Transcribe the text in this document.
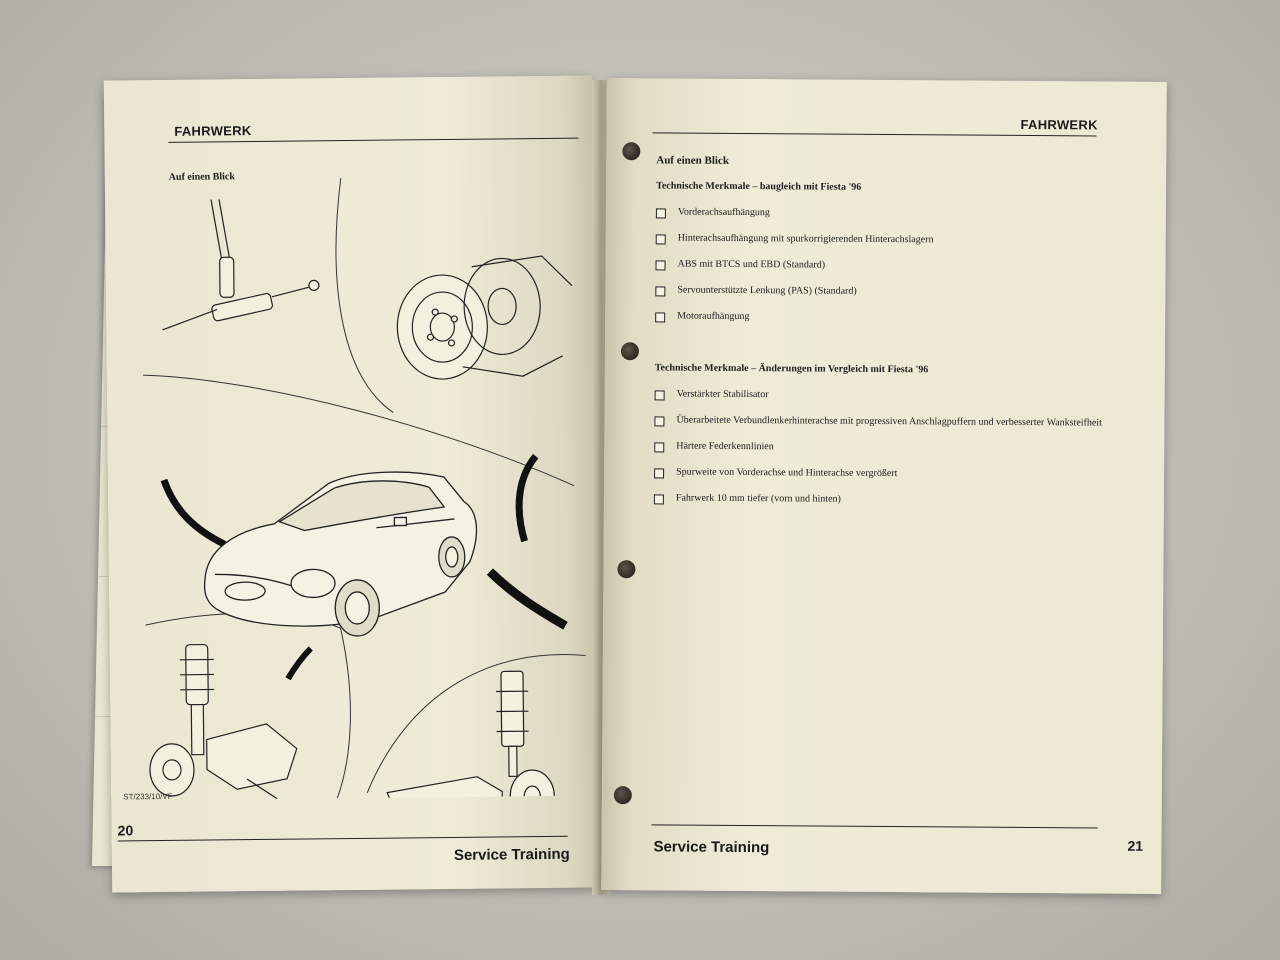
FAHRWERK
Auf einen Blick
ST/233/10/VF
20
Service Training
FAHRWERK
Auf einen Blick
Technische Merkmale – baugleich mit Fiesta '96
Vorderachsaufhängung
Hinterachsaufhängung mit spurkorrigierenden Hinterachslagern
ABS mit BTCS und EBD (Standard)
Servounterstützte Lenkung (PAS) (Standard)
Motoraufhängung
Technische Merkmale – Änderungen im Vergleich mit Fiesta '96
Verstärkter Stabilisator
Überarbeitete Verbundlenkerhinterachse mit progressiven Anschlagpuffern und verbesserter Wanksteifheit
Härtere Federkennlinien
Spurweite von Vorderachse und Hinterachse vergrößert
Fahrwerk 10 mm tiefer (vorn und hinten)
Service Training	21
